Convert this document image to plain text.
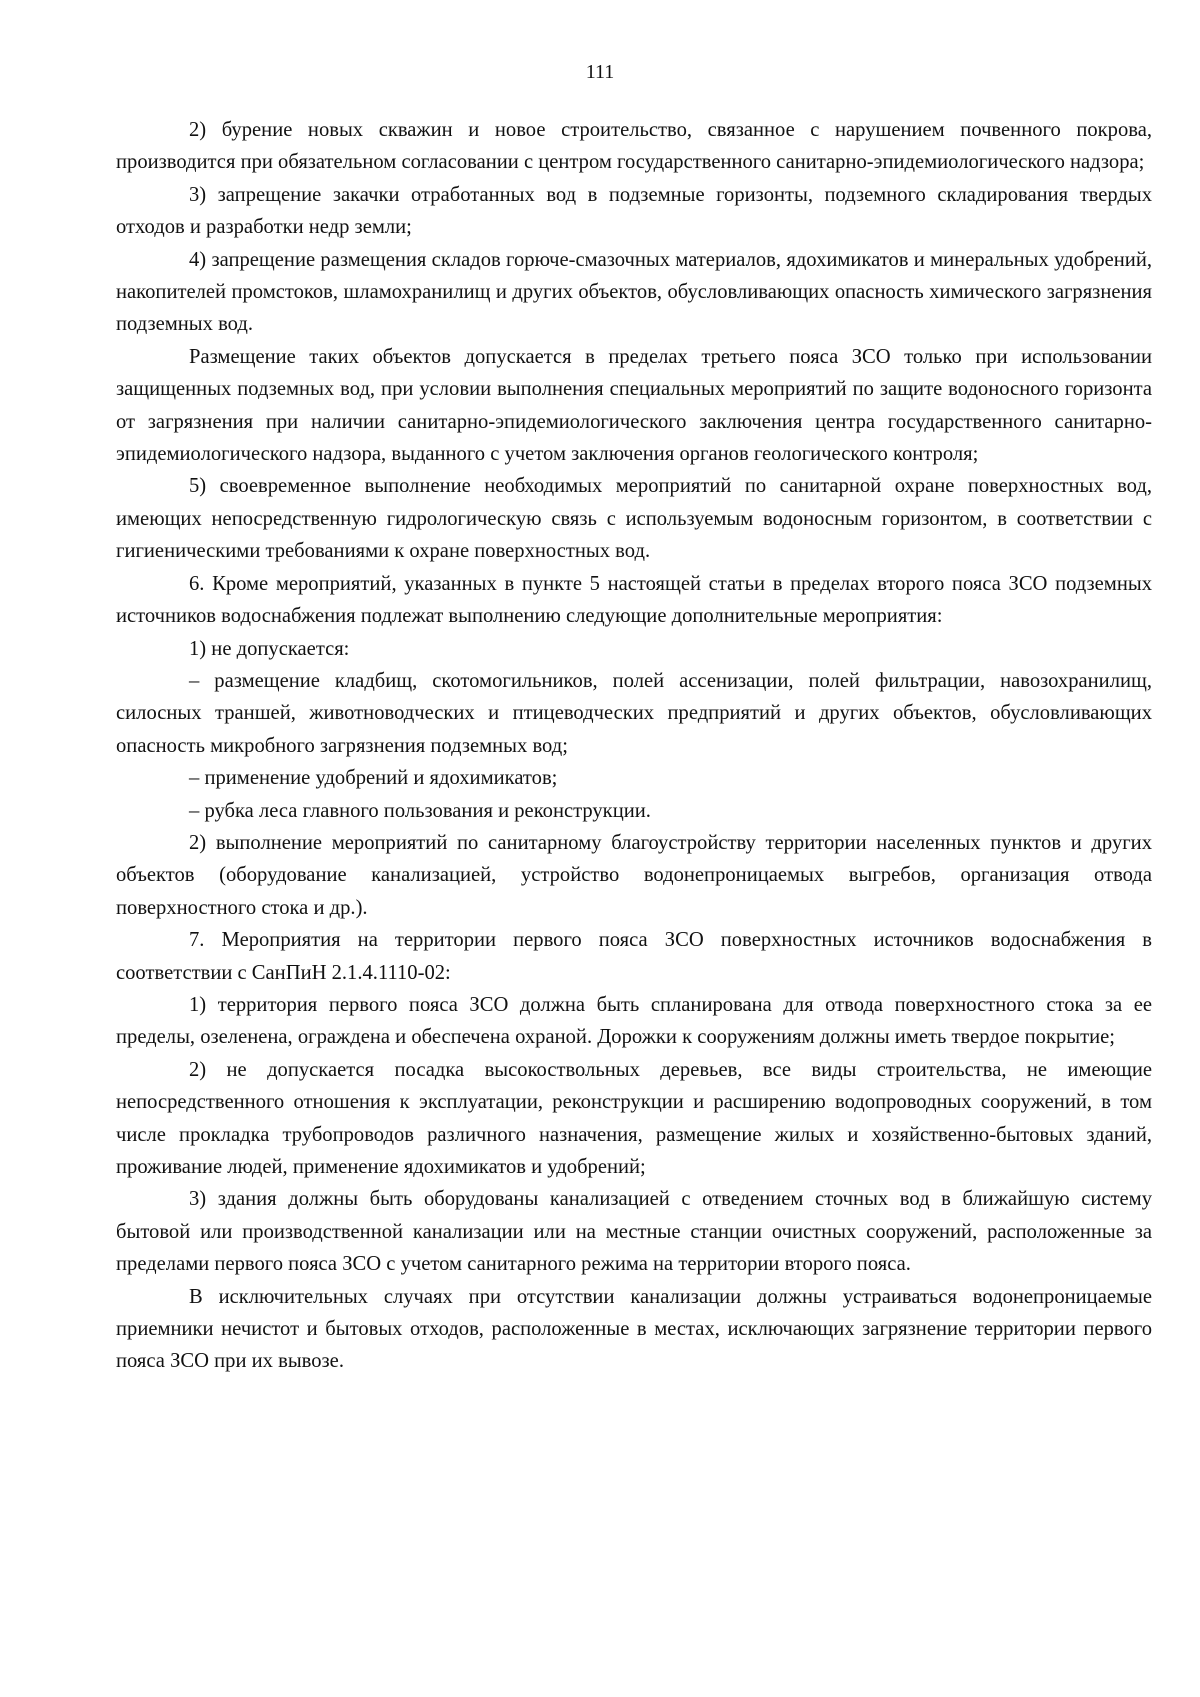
111

2) бурение новых скважин и новое строительство, связанное с нарушением почвенного покрова, производится при обязательном согласовании с центром государственного санитарно-эпидемиологического надзора;

3) запрещение закачки отработанных вод в подземные горизонты, подземного складирования твердых отходов и разработки недр земли;

4) запрещение размещения складов горюче-смазочных материалов, ядохимикатов и минеральных удобрений, накопителей промстоков, шламохранилищ и других объектов, обусловливающих опасность химического загрязнения подземных вод.

Размещение таких объектов допускается в пределах третьего пояса ЗСО только при использовании защищенных подземных вод, при условии выполнения специальных мероприятий по защите водоносного горизонта от загрязнения при наличии санитарно-эпидемиологического заключения центра государственного санитарно-эпидемиологического надзора, выданного с учетом заключения органов геологического контроля;

5) своевременное выполнение необходимых мероприятий по санитарной охране поверхностных вод, имеющих непосредственную гидрологическую связь с используемым водоносным горизонтом, в соответствии с гигиеническими требованиями к охране поверхностных вод.

6. Кроме мероприятий, указанных в пункте 5 настоящей статьи в пределах второго пояса ЗСО подземных источников водоснабжения подлежат выполнению следующие дополнительные мероприятия:

1) не допускается:

– размещение кладбищ, скотомогильников, полей ассенизации, полей фильтрации, навозохранилищ, силосных траншей, животноводческих и птицеводческих предприятий и других объектов, обусловливающих опасность микробного загрязнения подземных вод;

– применение удобрений и ядохимикатов;

– рубка леса главного пользования и реконструкции.

2) выполнение мероприятий по санитарному благоустройству территории населенных пунктов и других объектов (оборудование канализацией, устройство водонепроницаемых выгребов, организация отвода поверхностного стока и др.).

7. Мероприятия на территории первого пояса ЗСО поверхностных источников водоснабжения в соответствии с СанПиН 2.1.4.1110-02:

1) территория первого пояса ЗСО должна быть спланирована для отвода поверхностного стока за ее пределы, озеленена, ограждена и обеспечена охраной. Дорожки к сооружениям должны иметь твердое покрытие;

2) не допускается посадка высокоствольных деревьев, все виды строительства, не имеющие непосредственного отношения к эксплуатации, реконструкции и расширению водопроводных сооружений, в том числе прокладка трубопроводов различного назначения, размещение жилых и хозяйственно-бытовых зданий, проживание людей, применение ядохимикатов и удобрений;

3) здания должны быть оборудованы канализацией с отведением сточных вод в ближайшую систему бытовой или производственной канализации или на местные станции очистных сооружений, расположенные за пределами первого пояса ЗСО с учетом санитарного режима на территории второго пояса.

В исключительных случаях при отсутствии канализации должны устраиваться водонепроницаемые приемники нечистот и бытовых отходов, расположенные в местах, исключающих загрязнение территории первого пояса ЗСО при их вывозе.
